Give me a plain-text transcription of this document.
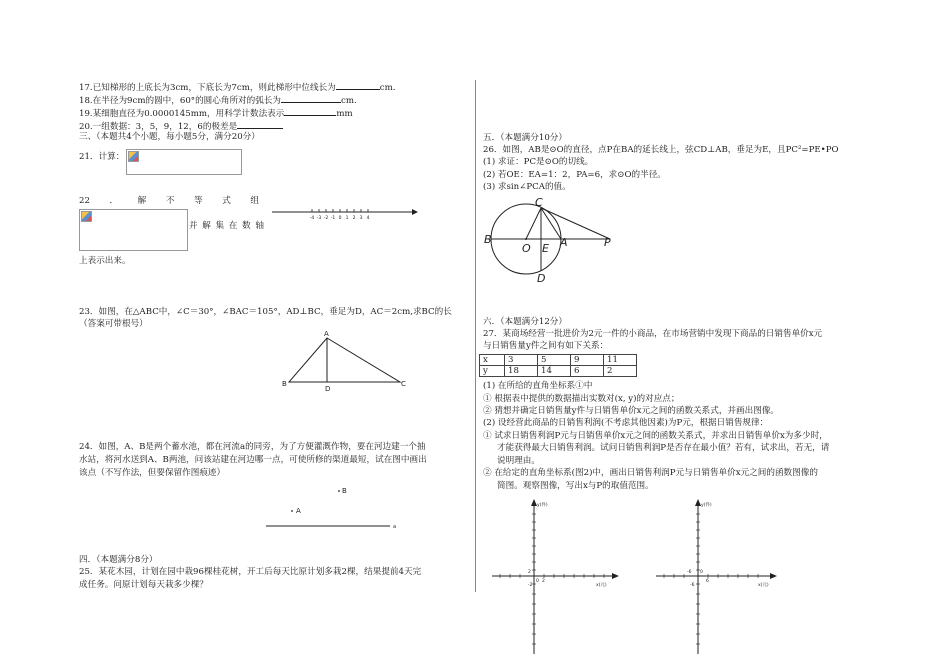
17.已知梯形的上底长为3cm，下底长为7cm，则此梯形中位线长为	cm.
18.在半径为9cm的圆中，60°的圆心角所对的弧长为	cm.
19.某细胞直径为0.0000145mm，用科学计数法表示	mm
20.一组数据：3，5，9，12，6的极差是
三、（本题共4个小题，每小题5分，满分20分）
21．计算：
22 ． 解 不 等 式 组
并 解 集 在 数 轴
上表示出来。
-4 -3 -2 -1 0 1 2 3 4
23．如图，在△ABC中，∠C＝30°，∠BAC＝105°，AD⊥BC，垂足为D，AC＝2cm,求BC的长
（答案可带根号）
A
B	C
D
24．如图，A、B是两个蓄水池，都在河流a的同旁，为了方便灌溉作物，要在河边建一个抽
水站，将河水送到A、B两池，问该站建在河边哪一点，可使所修的渠道最短，试在图中画出
该点（不写作法，但要保留作图痕迹）
B
A
a
四．（本题满分8分）
25．某花木园，计划在园中栽96棵桂花树，开工后每天比原计划多栽2棵，结果提前4天完
成任务。问原计划每天栽多少棵？
五．（本题满分10分）
26．如图，AB是⊙O的直径，点P在BA的延长线上，弦CD⊥AB，垂足为E，且PC²=PE•PO
(1) 求证：PC是⊙O的切线。
(2) 若OE：EA=1：2，PA=6，求⊙O的半径。
(3) 求sin∠PCA的值。
C
B
O E A	P
D
六．（本题满分12分）
27．某商场经营一批进价为2元一件的小商品，在市场营销中发现下商品的日销售单价x元
与日销售量y件之间有如下关系：
x	3	5	9	11
y	18	14	6	2
(1) 在所给的直角坐标系①中
① 根据表中提供的数据描出实数对(x, y)的对应点；
② 猜想并确定日销售量y件与日销售单价x元之间的函数关系式，并画出图像。
(2) 设经营此商品的日销售利润(不考虑其他因素)为P元，根据日销售规律：
① 试求日销售利润P元与日销售单价x元之间的函数关系式，并求出日销售单价x为多少时，
才能获得最大日销售利润。试问日销售利润P是否存在最小值？若有，试求出，若无，请
说明理由。
② 在给定的直角坐标系(图2)中，画出日销售利润P元与日销售单价x元之间的函数图像的
简图。观察图像，写出x与P的取值范围。
y(件)
x(元)
0
2
2
-2
y(件)
x(元)
0
-6
6
-6
